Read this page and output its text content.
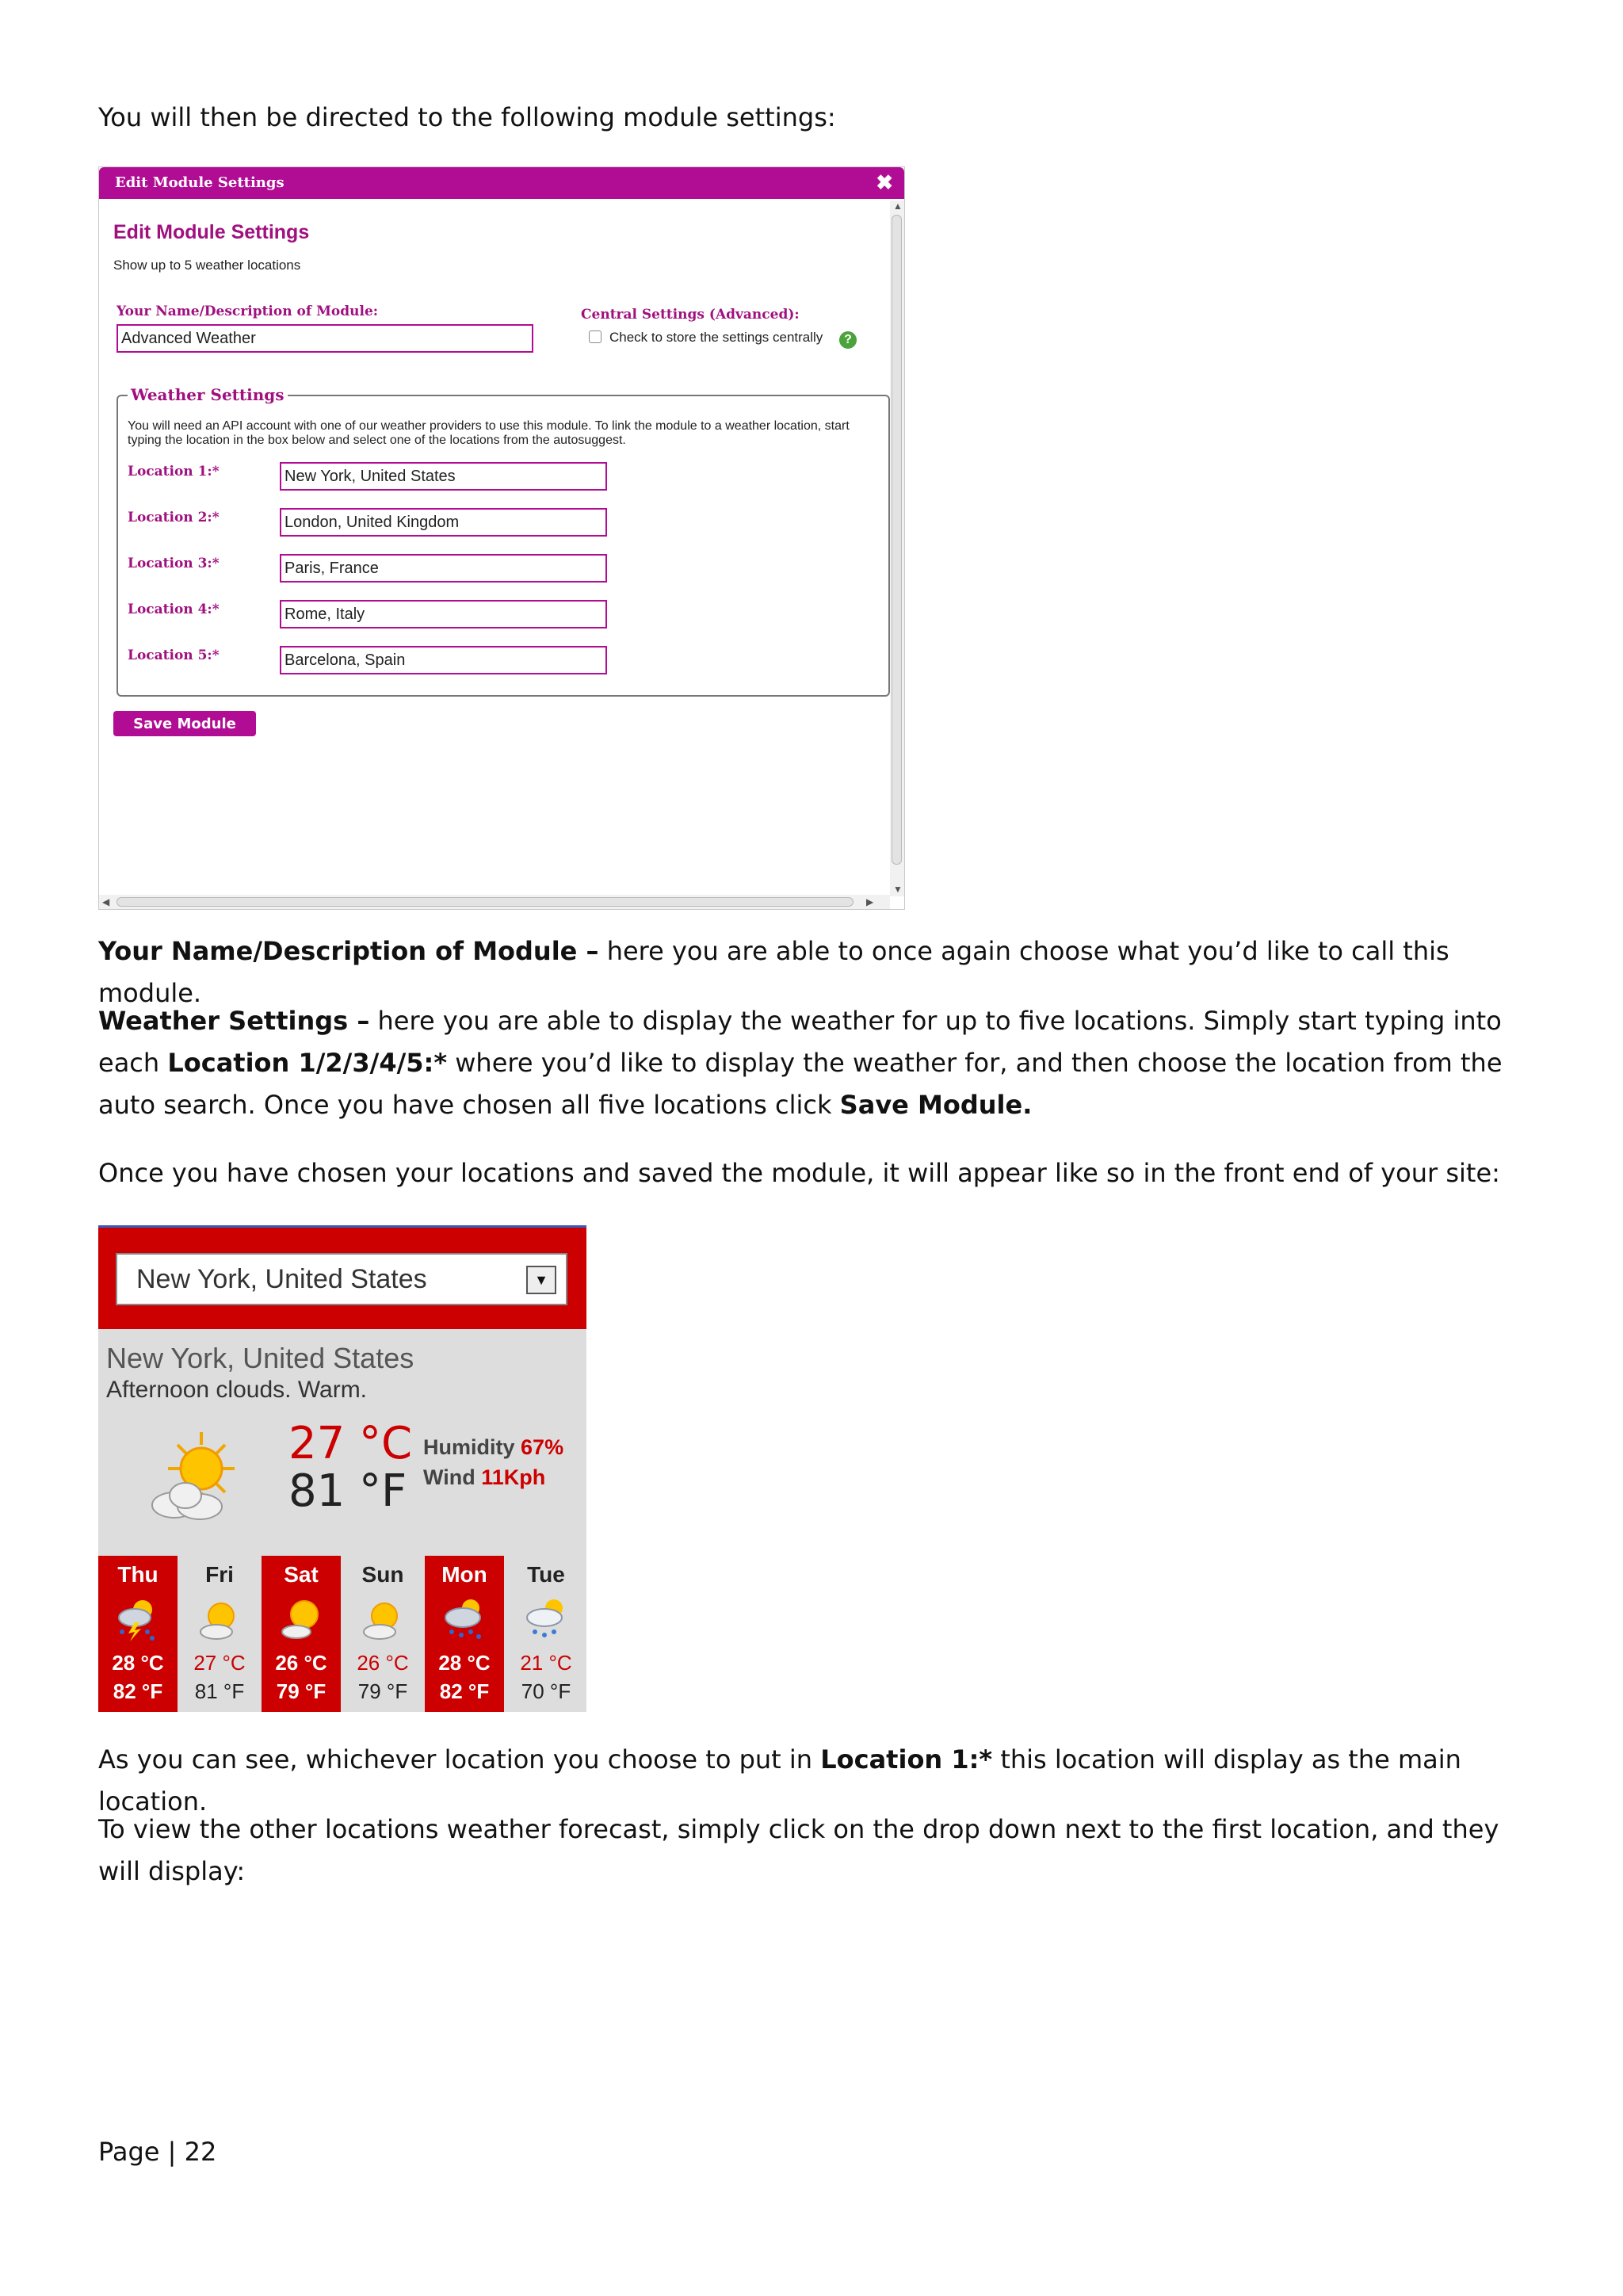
You will then be directed to the following module settings:

Edit Module Settings	✖
Edit Module Settings
Show up to 5 weather locations
Your Name/Description of Module:
Advanced Weather	Central Settings (Advanced):
Check to store the settings centrally	?
Weather Settings
You will need an API account with one of our weather providers to use this module. To link the module to a weather location, start typing the location in the box below and select one of the locations from the autosuggest.
Location 1:*
New York, United States
Location 2:*
London, United Kingdom
Location 3:*
Paris, France
Location 4:*
Rome, Italy
Location 5:*
Barcelona, Spain
Save Module
▲
▼
◀	▶

Your Name/Description of Module – here you are able to once again choose what you’d like to call this module.

Weather Settings – here you are able to display the weather for up to five locations. Simply start typing into each Location 1/2/3/4/5:* where you’d like to display the weather for, and then choose the location from the auto search. Once you have chosen all five locations click Save Module.

Once you have chosen your locations and saved the module, it will appear like so in the front end of your site:

New York, United States	▼
New York, United States
Afternoon clouds. Warm.
27 °C
81 °F
Humidity 67%
Wind 11Kph
Thu
28 °C
82 °F
Fri
27 °C
81 °F
Sat
26 °C
79 °F
Sun
26 °C
79 °F
Mon
28 °C
82 °F
Tue
21 °C
70 °F

As you can see, whichever location you choose to put in Location 1:* this location will display as the main location.

To view the other locations weather forecast, simply click on the drop down next to the first location, and they will display:

Page | 22
